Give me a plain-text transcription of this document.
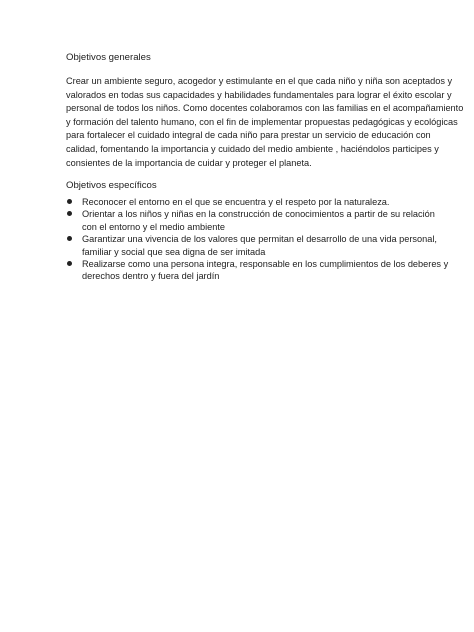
Objetivos generales
Crear un ambiente seguro, acogedor y estimulante en el que cada niño y niña son aceptados y
valorados en todas sus capacidades y habilidades fundamentales para lograr el éxito escolar y
personal de todos los niños. Como docentes colaboramos con las familias en el acompañamiento
y formación del talento humano, con el fin de implementar propuestas pedagógicas y ecológicas
para fortalecer el cuidado integral de cada niño para prestar un servicio de educación con
calidad, fomentando la importancia y cuidado del medio ambiente , haciéndolos participes y
consientes de la importancia de cuidar y proteger el planeta.
Objetivos específicos
Reconocer el entorno en el que se encuentra y el respeto por la naturaleza.
Orientar a los niños y niñas en la construcción de conocimientos a partir de su relación
con el entorno y el medio ambiente
Garantizar una vivencia de los valores que permitan el desarrollo de una vida personal,
familiar y social que sea digna de ser imitada
Realizarse como una persona integra, responsable en los cumplimientos de los deberes y
derechos dentro y fuera del jardín
